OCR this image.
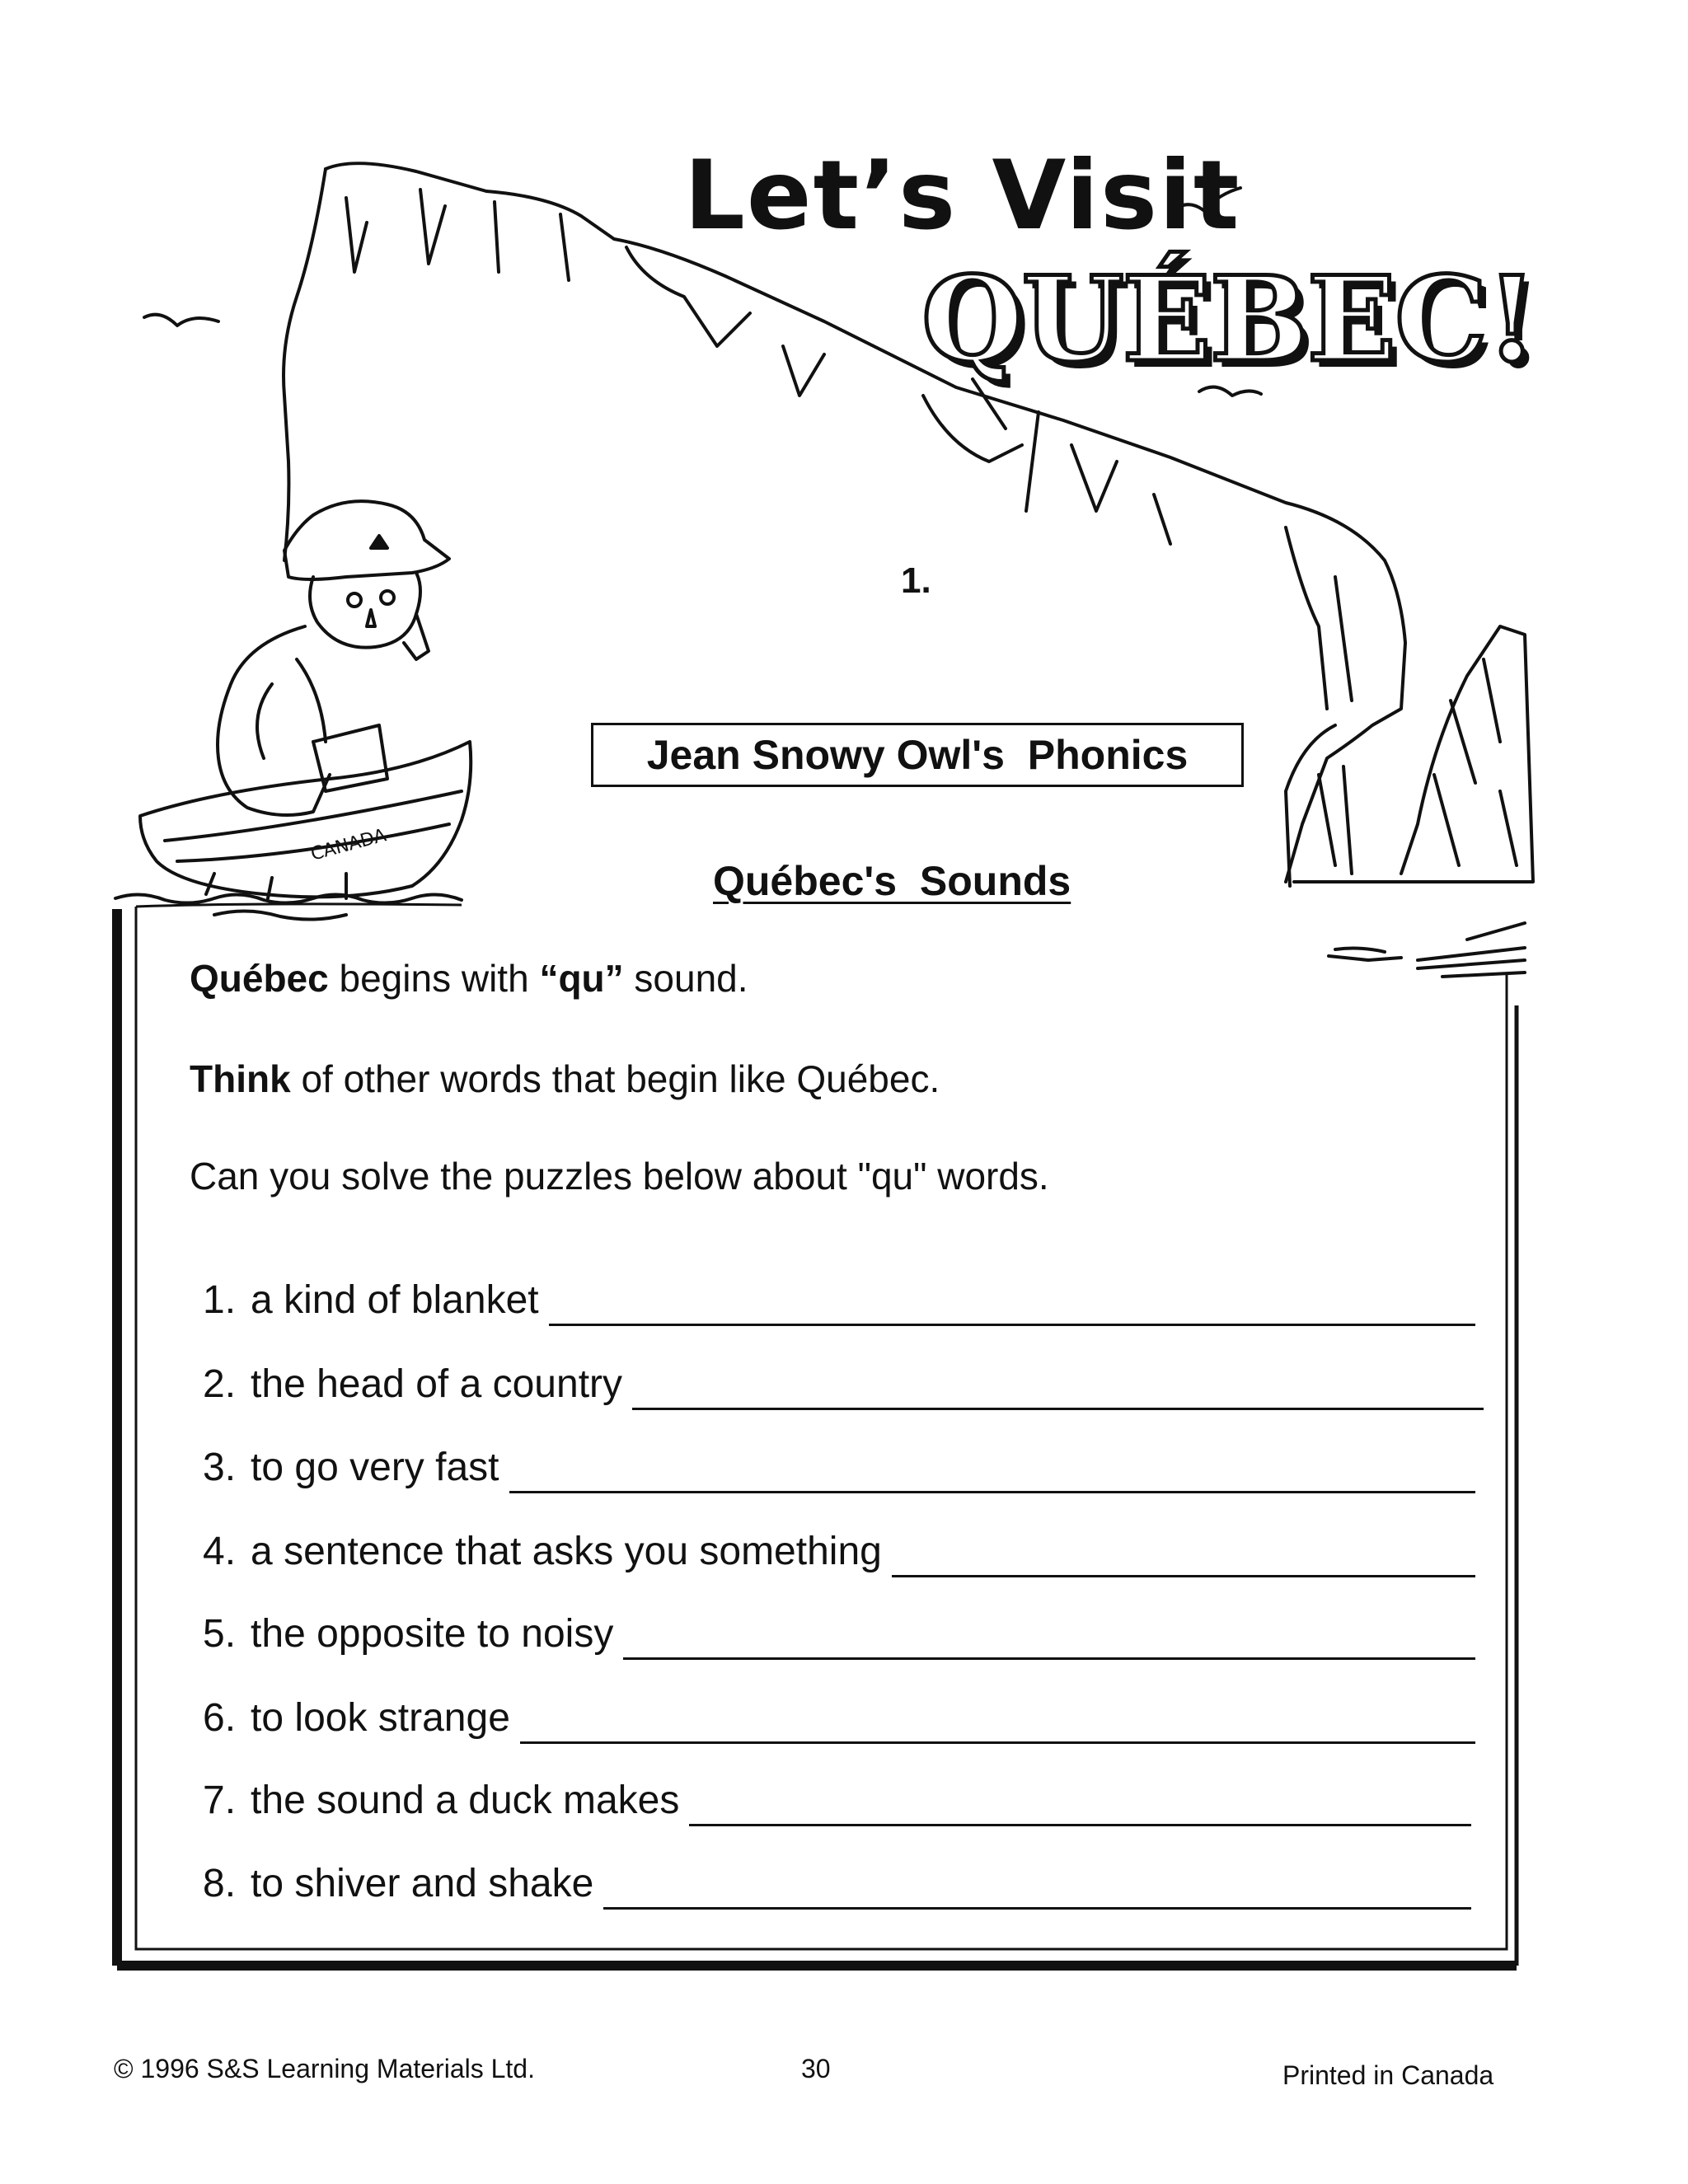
CANADA
Let’s Visit
QUÉBEC!
1.
Jean Snowy Owl's  Phonics
Québec's  Sounds
Québec begins with “qu” sound.
Think of other words that begin like Québec.
Can you solve the puzzles below about "qu" words.
1. a kind of blanket
2. the head of a country
3. to go very fast
4. a sentence that asks you something
5. the opposite to noisy
6. to look strange
7. the sound a duck makes
8. to shiver and shake
© 1996 S&S Learning Materials Ltd.	30	Printed in Canada
